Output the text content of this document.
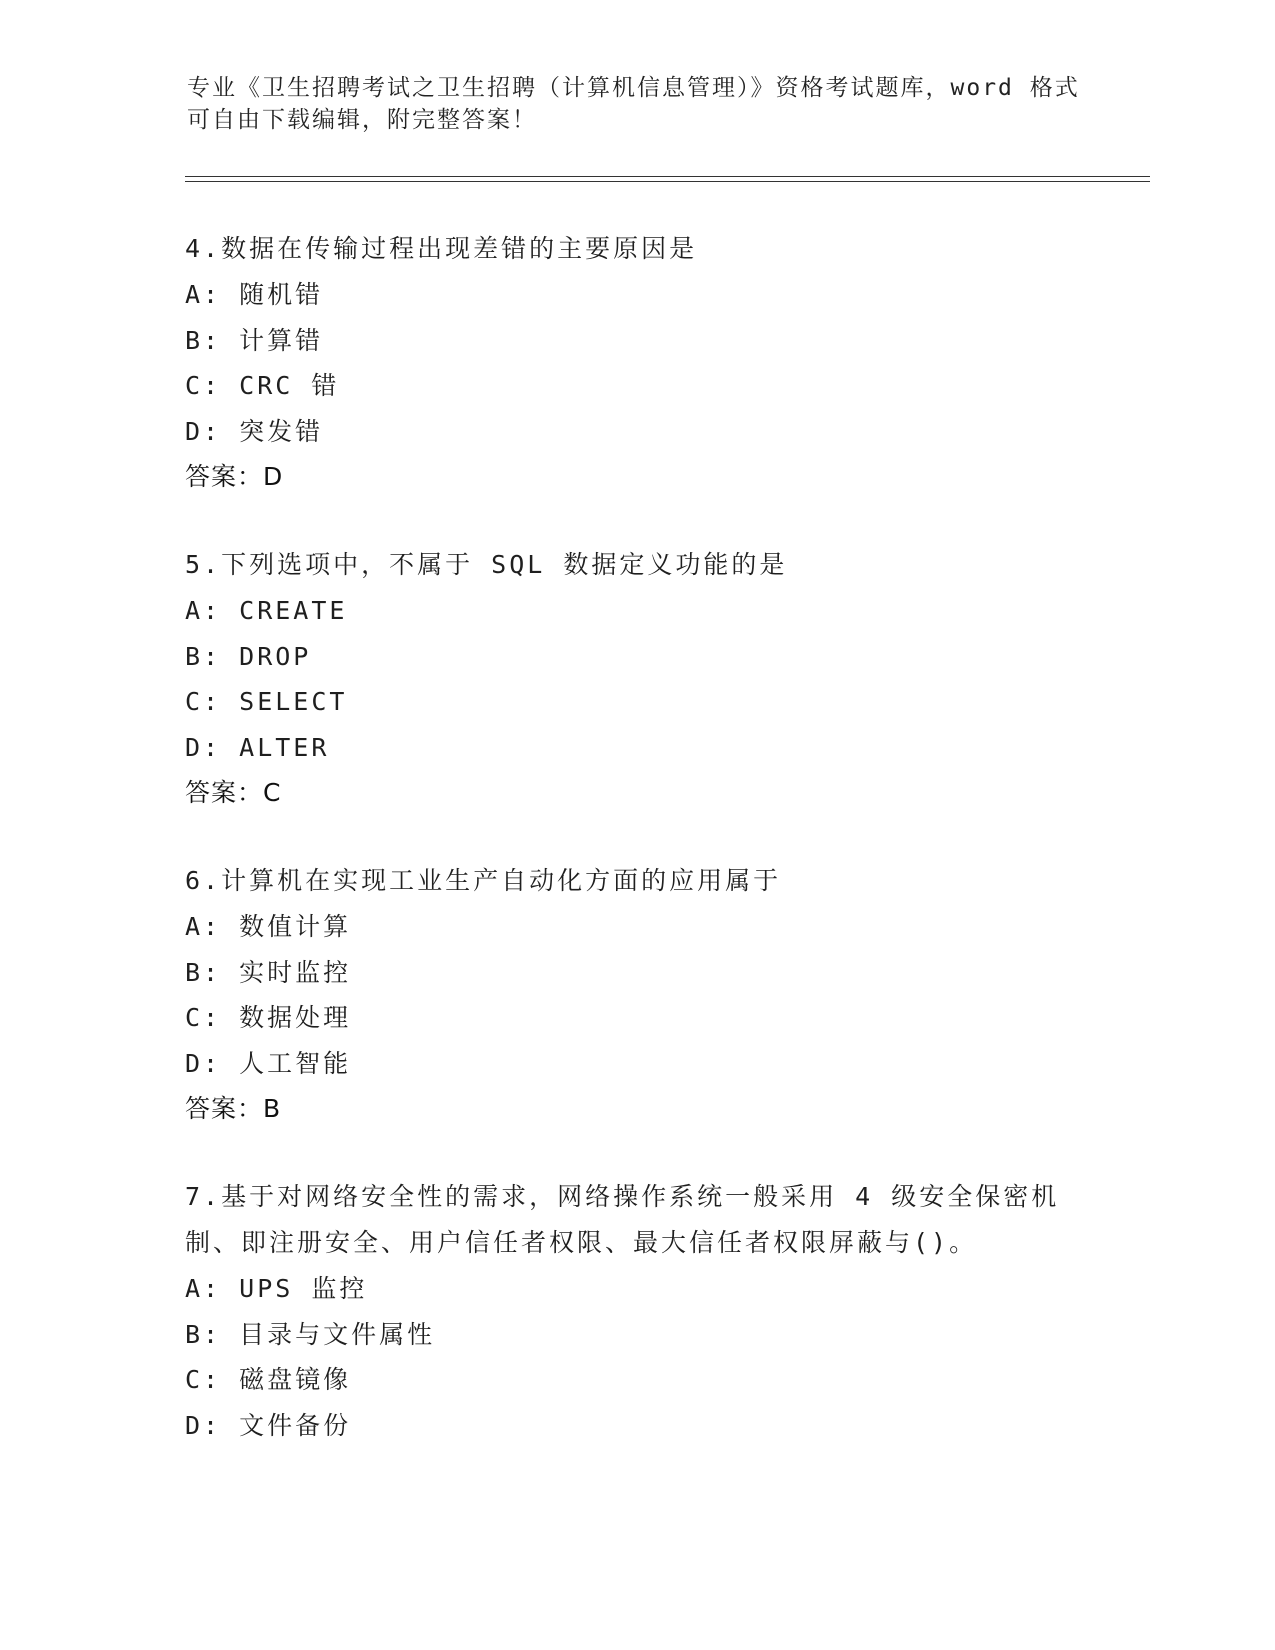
专业《卫生招聘考试之卫生招聘（计算机信息管理）》资格考试题库，word 格式
可自由下载编辑，附完整答案！
4.数据在传输过程出现差错的主要原因是
A: 随机错
B: 计算错
C: CRC 错
D: 突发错
答案：D
5.下列选项中，不属于 SQL 数据定义功能的是
A: CREATE
B: DROP
C: SELECT
D: ALTER
答案：C
6.计算机在实现工业生产自动化方面的应用属于
A: 数值计算
B: 实时监控
C: 数据处理
D: 人工智能
答案：B
7.基于对网络安全性的需求，网络操作系统一般采用 4 级安全保密机
制、即注册安全、用户信任者权限、最大信任者权限屏蔽与()。
A: UPS 监控
B: 目录与文件属性
C: 磁盘镜像
D: 文件备份
